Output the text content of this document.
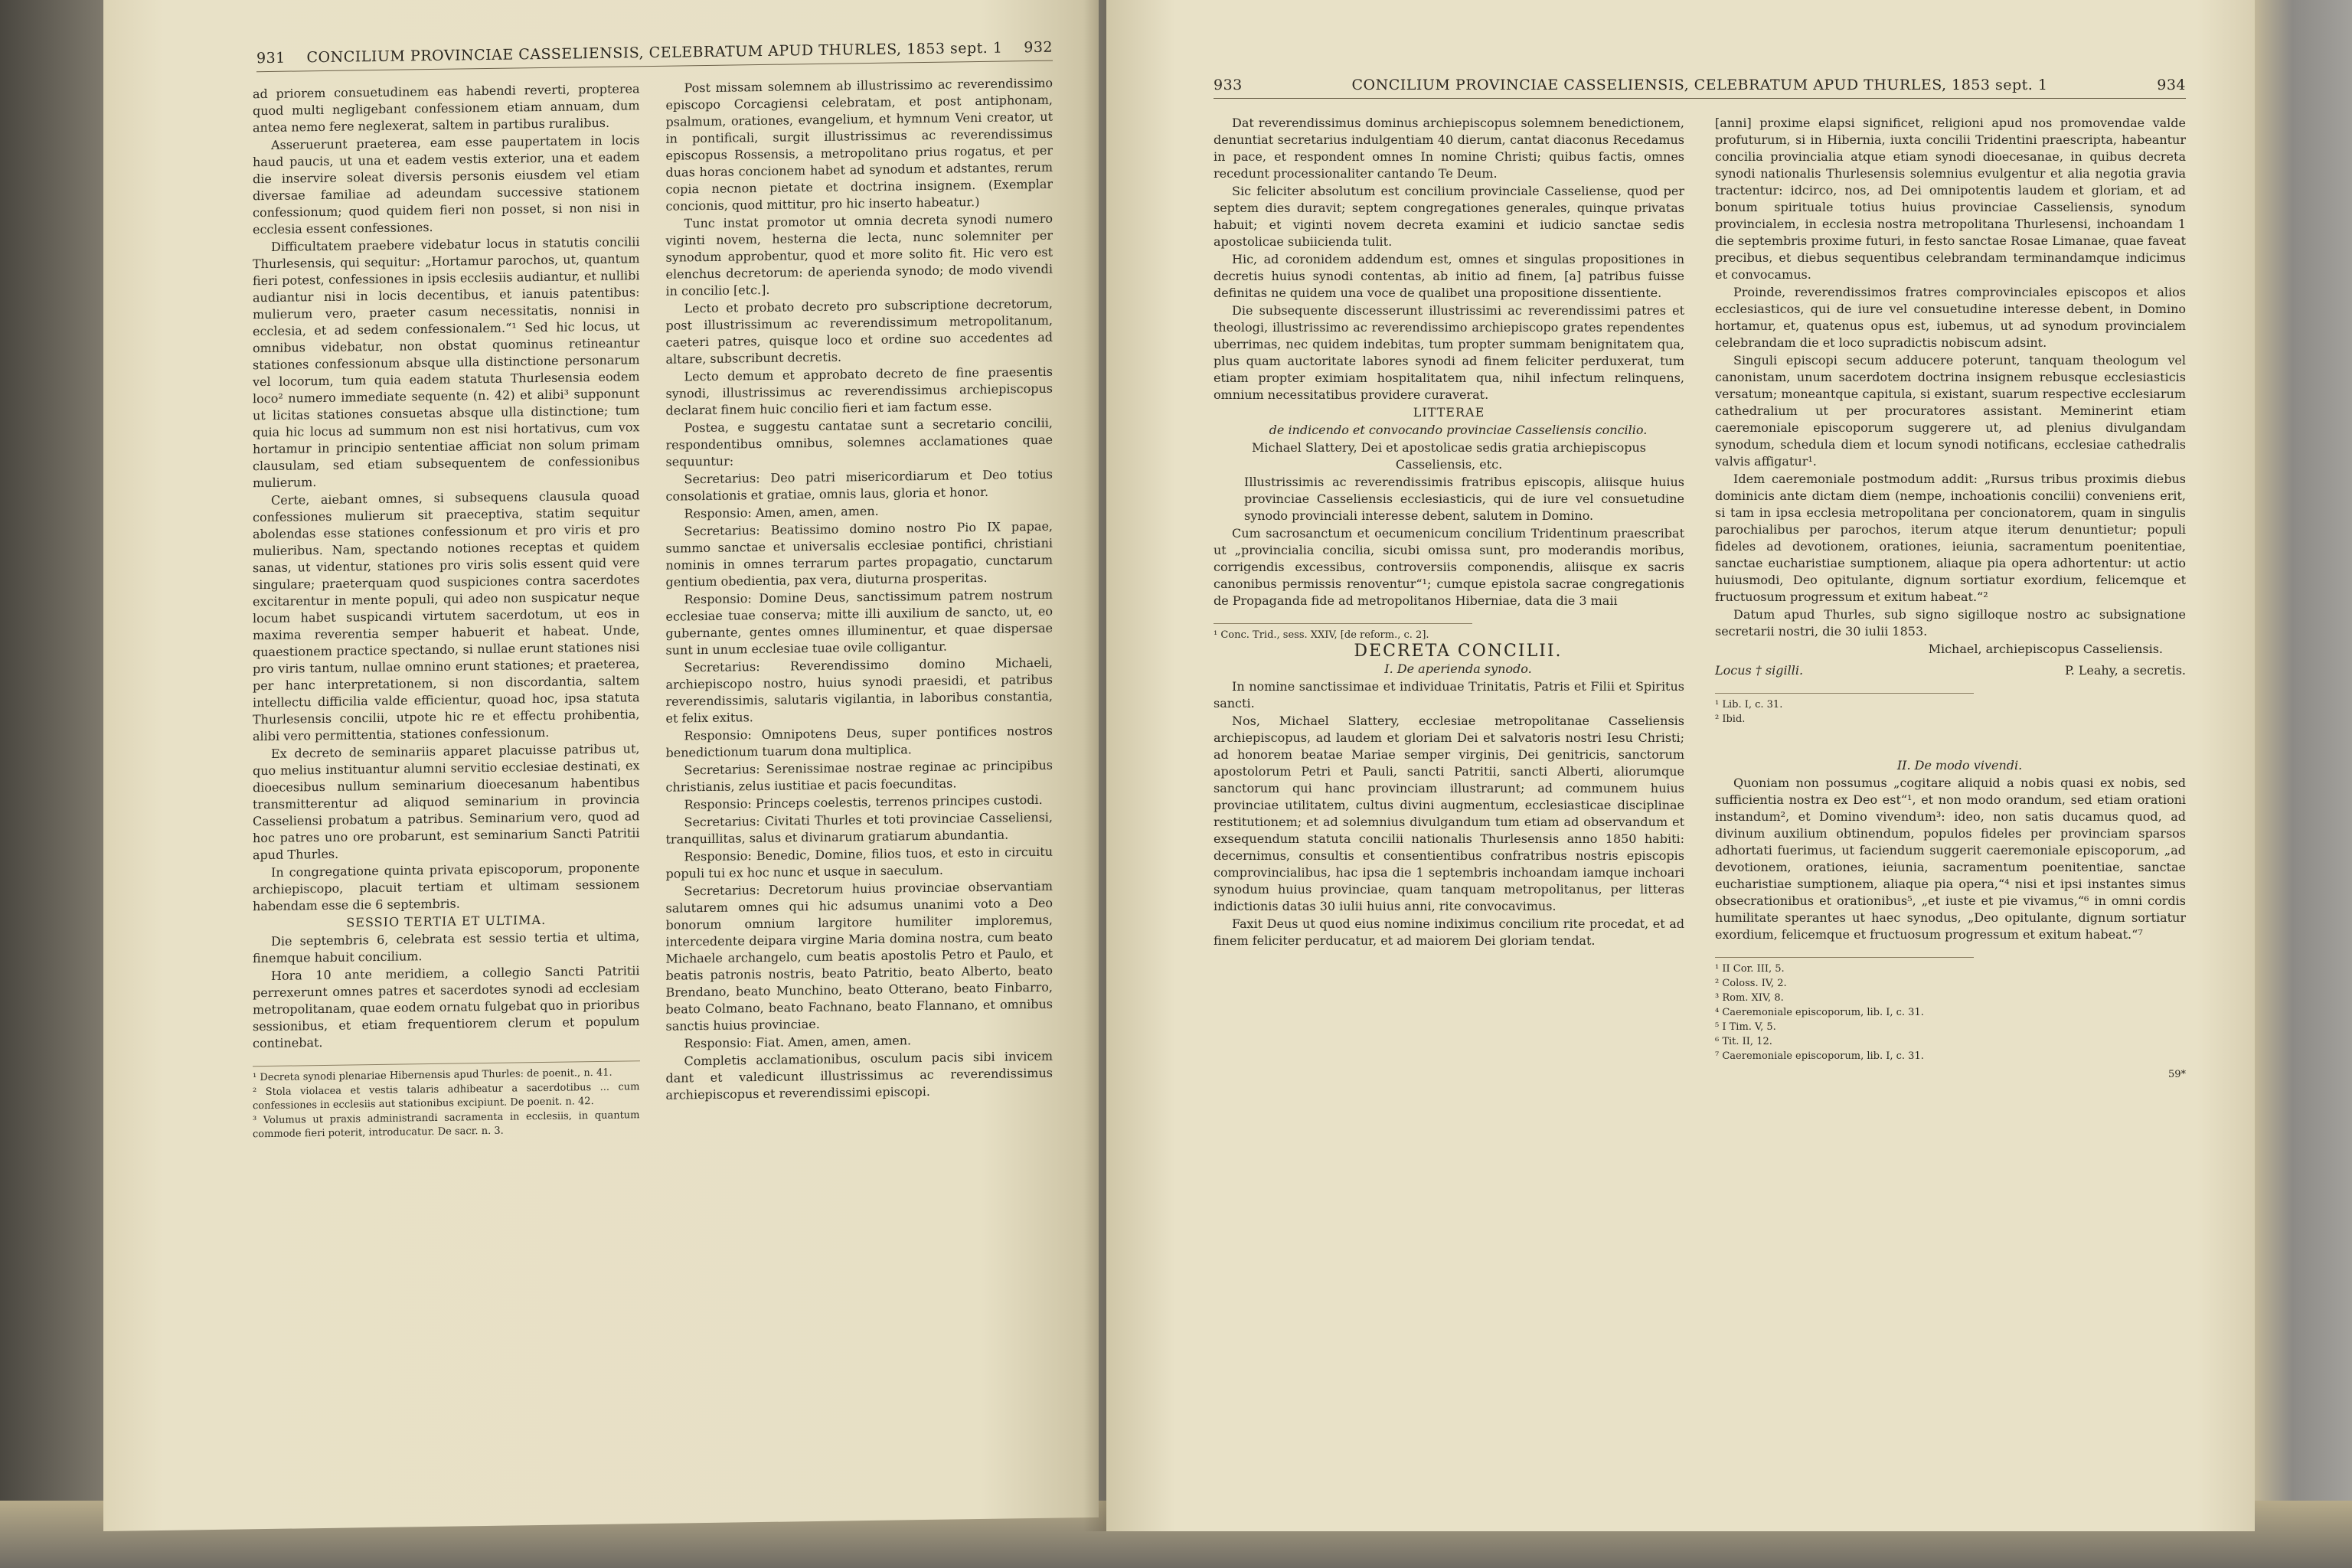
931	CONCILIUM PROVINCIAE CASSELIENSIS, CELEBRATUM APUD THURLES, 1853 sept. 1	932

ad priorem consuetudinem eas habendi reverti, propterea quod multi negligebant confessionem etiam annuam, dum antea nemo fere neglexerat, saltem in partibus ruralibus.

Asseruerunt praeterea, eam esse paupertatem in locis haud paucis, ut una et eadem vestis exterior, una et eadem die inservire soleat diversis personis eiusdem vel etiam diversae familiae ad adeundam successive stationem confessionum; quod quidem fieri non posset, si non nisi in ecclesia essent confessiones.

Difficultatem praebere videbatur locus in statutis concilii Thurlesensis, qui sequitur: „Hortamur parochos, ut, quantum fieri potest, confessiones in ipsis ecclesiis audiantur, et nullibi audiantur nisi in locis decentibus, et ianuis patentibus: mulierum vero, praeter casum necessitatis, nonnisi in ecclesia, et ad sedem confessionalem.“¹ Sed hic locus, ut omnibus videbatur, non obstat quominus retineantur stationes confessionum absque ulla distinctione personarum vel locorum, tum quia eadem statuta Thurlesensia eodem loco² numero immediate sequente (n. 42) et alibi³ supponunt ut licitas stationes consuetas absque ulla distinctione; tum quia hic locus ad summum non est nisi hortativus, cum vox hortamur in principio sententiae afficiat non solum primam clausulam, sed etiam subsequentem de confessionibus mulierum.

Certe, aiebant omnes, si subsequens clausula quoad confessiones mulierum sit praeceptiva, statim sequitur abolendas esse stationes confessionum et pro viris et pro mulieribus. Nam, spectando notiones receptas et quidem sanas, ut videntur, stationes pro viris solis essent quid vere singulare; praeterquam quod suspiciones contra sacerdotes excitarentur in mente populi, qui adeo non suspicatur neque locum habet suspicandi virtutem sacerdotum, ut eos in maxima reverentia semper habuerit et habeat. Unde, quaestionem practice spectando, si nullae erunt stationes nisi pro viris tantum, nullae omnino erunt stationes; et praeterea, per hanc interpretationem, si non discordantia, saltem intellectu difficilia valde efficientur, quoad hoc, ipsa statuta Thurlesensis concilii, utpote hic re et effectu prohibentia, alibi vero permittentia, stationes confessionum.

Ex decreto de seminariis apparet placuisse patribus ut, quo melius instituantur alumni servitio ecclesiae destinati, ex dioecesibus nullum seminarium dioecesanum habentibus transmitterentur ad aliquod seminarium in provincia Casseliensi probatum a patribus. Seminarium vero, quod ad hoc patres uno ore probarunt, est seminarium Sancti Patritii apud Thurles.

In congregatione quinta privata episcoporum, proponente archiepiscopo, placuit tertiam et ultimam sessionem habendam esse die 6 septembris.

SESSIO TERTIA ET ULTIMA.

Die septembris 6, celebrata est sessio tertia et ultima, finemque habuit concilium.

Hora 10 ante meridiem, a collegio Sancti Patritii perrexerunt omnes patres et sacerdotes synodi ad ecclesiam metropolitanam, quae eodem ornatu fulgebat quo in prioribus sessionibus, et etiam frequentiorem clerum et populum continebat.

¹ Decreta synodi plenariae Hibernensis apud Thurles: de poenit., n. 41.
² Stola violacea et vestis talaris adhibeatur a sacerdotibus ... cum confessiones in ecclesiis aut stationibus excipiunt. De poenit. n. 42.
³ Volumus ut praxis administrandi sacramenta in ecclesiis, in quantum commode fieri poterit, introducatur. De sacr. n. 3.

Post missam solemnem ab illustrissimo ac reverendissimo episcopo Corcagiensi celebratam, et post antiphonam, psalmum, orationes, evangelium, et hymnum Veni creator, ut in pontificali, surgit illustrissimus ac reverendissimus episcopus Rossensis, a metropolitano prius rogatus, et per duas horas concionem habet ad synodum et adstantes, rerum copia necnon pietate et doctrina insignem. (Exemplar concionis, quod mittitur, pro hic inserto habeatur.)

Tunc instat promotor ut omnia decreta synodi numero viginti novem, hesterna die lecta, nunc solemniter per synodum approbentur, quod et more solito fit. Hic vero est elenchus decretorum: de aperienda synodo; de modo vivendi in concilio [etc.].

Lecto et probato decreto pro subscriptione decretorum, post illustrissimum ac reverendissimum metropolitanum, caeteri patres, quisque loco et ordine suo accedentes ad altare, subscribunt decretis.

Lecto demum et approbato decreto de fine praesentis synodi, illustrissimus ac reverendissimus archiepiscopus declarat finem huic concilio fieri et iam factum esse.

Postea, e suggestu cantatae sunt a secretario concilii, respondentibus omnibus, solemnes acclamationes quae sequuntur:

Secretarius: Deo patri misericordiarum et Deo totius consolationis et gratiae, omnis laus, gloria et honor.

Responsio: Amen, amen, amen.

Secretarius: Beatissimo domino nostro Pio IX papae, summo sanctae et universalis ecclesiae pontifici, christiani nominis in omnes terrarum partes propagatio, cunctarum gentium obedientia, pax vera, diuturna prosperitas.

Responsio: Domine Deus, sanctissimum patrem nostrum ecclesiae tuae conserva; mitte illi auxilium de sancto, ut, eo gubernante, gentes omnes illuminentur, et quae dispersae sunt in unum ecclesiae tuae ovile colligantur.

Secretarius: Reverendissimo domino Michaeli, archiepiscopo nostro, huius synodi praesidi, et patribus reverendissimis, salutaris vigilantia, in laboribus constantia, et felix exitus.

Responsio: Omnipotens Deus, super pontifices nostros benedictionum tuarum dona multiplica.

Secretarius: Serenissimae nostrae reginae ac principibus christianis, zelus iustitiae et pacis foecunditas.

Responsio: Princeps coelestis, terrenos principes custodi.

Secretarius: Civitati Thurles et toti provinciae Casseliensi, tranquillitas, salus et divinarum gratiarum abundantia.

Responsio: Benedic, Domine, filios tuos, et esto in circuitu populi tui ex hoc nunc et usque in saeculum.

Secretarius: Decretorum huius provinciae observantiam salutarem omnes qui hic adsumus unanimi voto a Deo bonorum omnium largitore humiliter imploremus, intercedente deipara virgine Maria domina nostra, cum beato Michaele archangelo, cum beatis apostolis Petro et Paulo, et beatis patronis nostris, beato Patritio, beato Alberto, beato Brendano, beato Munchino, beato Otterano, beato Finbarro, beato Colmano, beato Fachnano, beato Flannano, et omnibus sanctis huius provinciae.

Responsio: Fiat. Amen, amen, amen.

Completis acclamationibus, osculum pacis sibi invicem dant et valedicunt illustrissimus ac reverendissimus archiepiscopus et reverendissimi episcopi.

933	CONCILIUM PROVINCIAE CASSELIENSIS, CELEBRATUM APUD THURLES, 1853 sept. 1	934

Dat reverendissimus dominus archiepiscopus solemnem benedictionem, denuntiat secretarius indulgentiam 40 dierum, cantat diaconus Recedamus in pace, et respondent omnes In nomine Christi; quibus factis, omnes recedunt processionaliter cantando Te Deum.

Sic feliciter absolutum est concilium provinciale Casseliense, quod per septem dies duravit; septem congregationes generales, quinque privatas habuit; et viginti novem decreta examini et iudicio sanctae sedis apostolicae subiicienda tulit.

Hic, ad coronidem addendum est, omnes et singulas propositiones in decretis huius synodi contentas, ab initio ad finem, [a] patribus fuisse definitas ne quidem una voce de qualibet una propositione dissentiente.

Die subsequente discesserunt illustrissimi ac reverendissimi patres et theologi, illustrissimo ac reverendissimo archiepiscopo grates rependentes uberrimas, nec quidem indebitas, tum propter summam benignitatem qua, plus quam auctoritate labores synodi ad finem feliciter perduxerat, tum etiam propter eximiam hospitalitatem qua, nihil infectum relinquens, omnium necessitatibus providere curaverat.

LITTERAE

de indicendo et convocando provinciae Casseliensis concilio.

Michael Slattery, Dei et apostolicae sedis gratia archiepiscopus Casseliensis, etc.

Illustrissimis ac reverendissimis fratribus episcopis, aliisque huius provinciae Casseliensis ecclesiasticis, qui de iure vel consuetudine synodo provinciali interesse debent, salutem in Domino.

Cum sacrosanctum et oecumenicum concilium Tridentinum praescribat ut „provincialia concilia, sicubi omissa sunt, pro moderandis moribus, corrigendis excessibus, controversiis componendis, aliisque ex sacris canonibus permissis renoventur“¹; cumque epistola sacrae congregationis de Propaganda fide ad metropolitanos Hiberniae, data die 3 maii

¹ Conc. Trid., sess. XXIV, [de reform., c. 2].

DECRETA CONCILII.

I. De aperienda synodo.

In nomine sanctissimae et individuae Trinitatis, Patris et Filii et Spiritus sancti.

Nos, Michael Slattery, ecclesiae metropolitanae Casseliensis archiepiscopus, ad laudem et gloriam Dei et salvatoris nostri Iesu Christi; ad honorem beatae Mariae semper virginis, Dei genitricis, sanctorum apostolorum Petri et Pauli, sancti Patritii, sancti Alberti, aliorumque sanctorum qui hanc provinciam illustrarunt; ad communem huius provinciae utilitatem, cultus divini augmentum, ecclesiasticae disciplinae restitutionem; et ad solemnius divulgandum tum etiam ad observandum et exsequendum statuta concilii nationalis Thurlesensis anno 1850 habiti: decernimus, consultis et consentientibus confratribus nostris episcopis comprovincialibus, hac ipsa die 1 septembris inchoandam iamque inchoari synodum huius provinciae, quam tanquam metropolitanus, per litteras indictionis datas 30 iulii huius anni, rite convocavimus.

Faxit Deus ut quod eius nomine indiximus concilium rite procedat, et ad finem feliciter perducatur, et ad maiorem Dei gloriam tendat.

[anni] proxime elapsi significet, religioni apud nos promovendae valde profuturum, si in Hibernia, iuxta concilii Tridentini praescripta, habeantur concilia provincialia atque etiam synodi dioecesanae, in quibus decreta synodi nationalis Thurlesensis solemnius evulgentur et alia negotia gravia tractentur: idcirco, nos, ad Dei omnipotentis laudem et gloriam, et ad bonum spirituale totius huius provinciae Casseliensis, synodum provincialem, in ecclesia nostra metropolitana Thurlesensi, inchoandam 1 die septembris proxime futuri, in festo sanctae Rosae Limanae, quae faveat precibus, et diebus sequentibus celebrandam terminandamque indicimus et convocamus.

Proinde, reverendissimos fratres comprovinciales episcopos et alios ecclesiasticos, qui de iure vel consuetudine interesse debent, in Domino hortamur, et, quatenus opus est, iubemus, ut ad synodum provincialem celebrandam die et loco supradictis nobiscum adsint.

Singuli episcopi secum adducere poterunt, tanquam theologum vel canonistam, unum sacerdotem doctrina insignem rebusque ecclesiasticis versatum; moneantque capitula, si existant, suarum respective ecclesiarum cathedralium ut per procuratores assistant. Meminerint etiam caeremoniale episcoporum suggerere ut, ad plenius divulgandam synodum, schedula diem et locum synodi notificans, ecclesiae cathedralis valvis affigatur¹.

Idem caeremoniale postmodum addit: „Rursus tribus proximis diebus dominicis ante dictam diem (nempe, inchoationis concilii) conveniens erit, si tam in ipsa ecclesia metropolitana per concionatorem, quam in singulis parochialibus per parochos, iterum atque iterum denuntietur; populi fideles ad devotionem, orationes, ieiunia, sacramentum poenitentiae, sanctae eucharistiae sumptionem, aliaque pia opera adhortentur: ut actio huiusmodi, Deo opitulante, dignum sortiatur exordium, felicemque et fructuosum progressum et exitum habeat.“²

Datum apud Thurles, sub signo sigilloque nostro ac subsignatione secretarii nostri, die 30 iulii 1853.

Michael, archiepiscopus Casseliensis.

Locus † sigilli.	P. Leahy, a secretis.
¹ Lib. I, c. 31.
² Ibid.

II. De modo vivendi.

Quoniam non possumus „cogitare aliquid a nobis quasi ex nobis, sed sufficientia nostra ex Deo est“¹, et non modo orandum, sed etiam orationi instandum², et Domino vivendum³: ideo, non satis ducamus quod, ad divinum auxilium obtinendum, populos fideles per provinciam sparsos adhortati fuerimus, ut faciendum suggerit caeremoniale episcoporum, „ad devotionem, orationes, ieiunia, sacramentum poenitentiae, sanctae eucharistiae sumptionem, aliaque pia opera,“⁴ nisi et ipsi instantes simus obsecrationibus et orationibus⁵, „et iuste et pie vivamus,“⁶ in omni cordis humilitate sperantes ut haec synodus, „Deo opitulante, dignum sortiatur exordium, felicemque et fructuosum progressum et exitum habeat.“⁷

¹ II Cor. III, 5.
² Coloss. IV, 2.
³ Rom. XIV, 8.
⁴ Caeremoniale episcoporum, lib. I, c. 31.
⁵ I Tim. V, 5.
⁶ Tit. II, 12.
⁷ Caeremoniale episcoporum, lib. I, c. 31.
59*
